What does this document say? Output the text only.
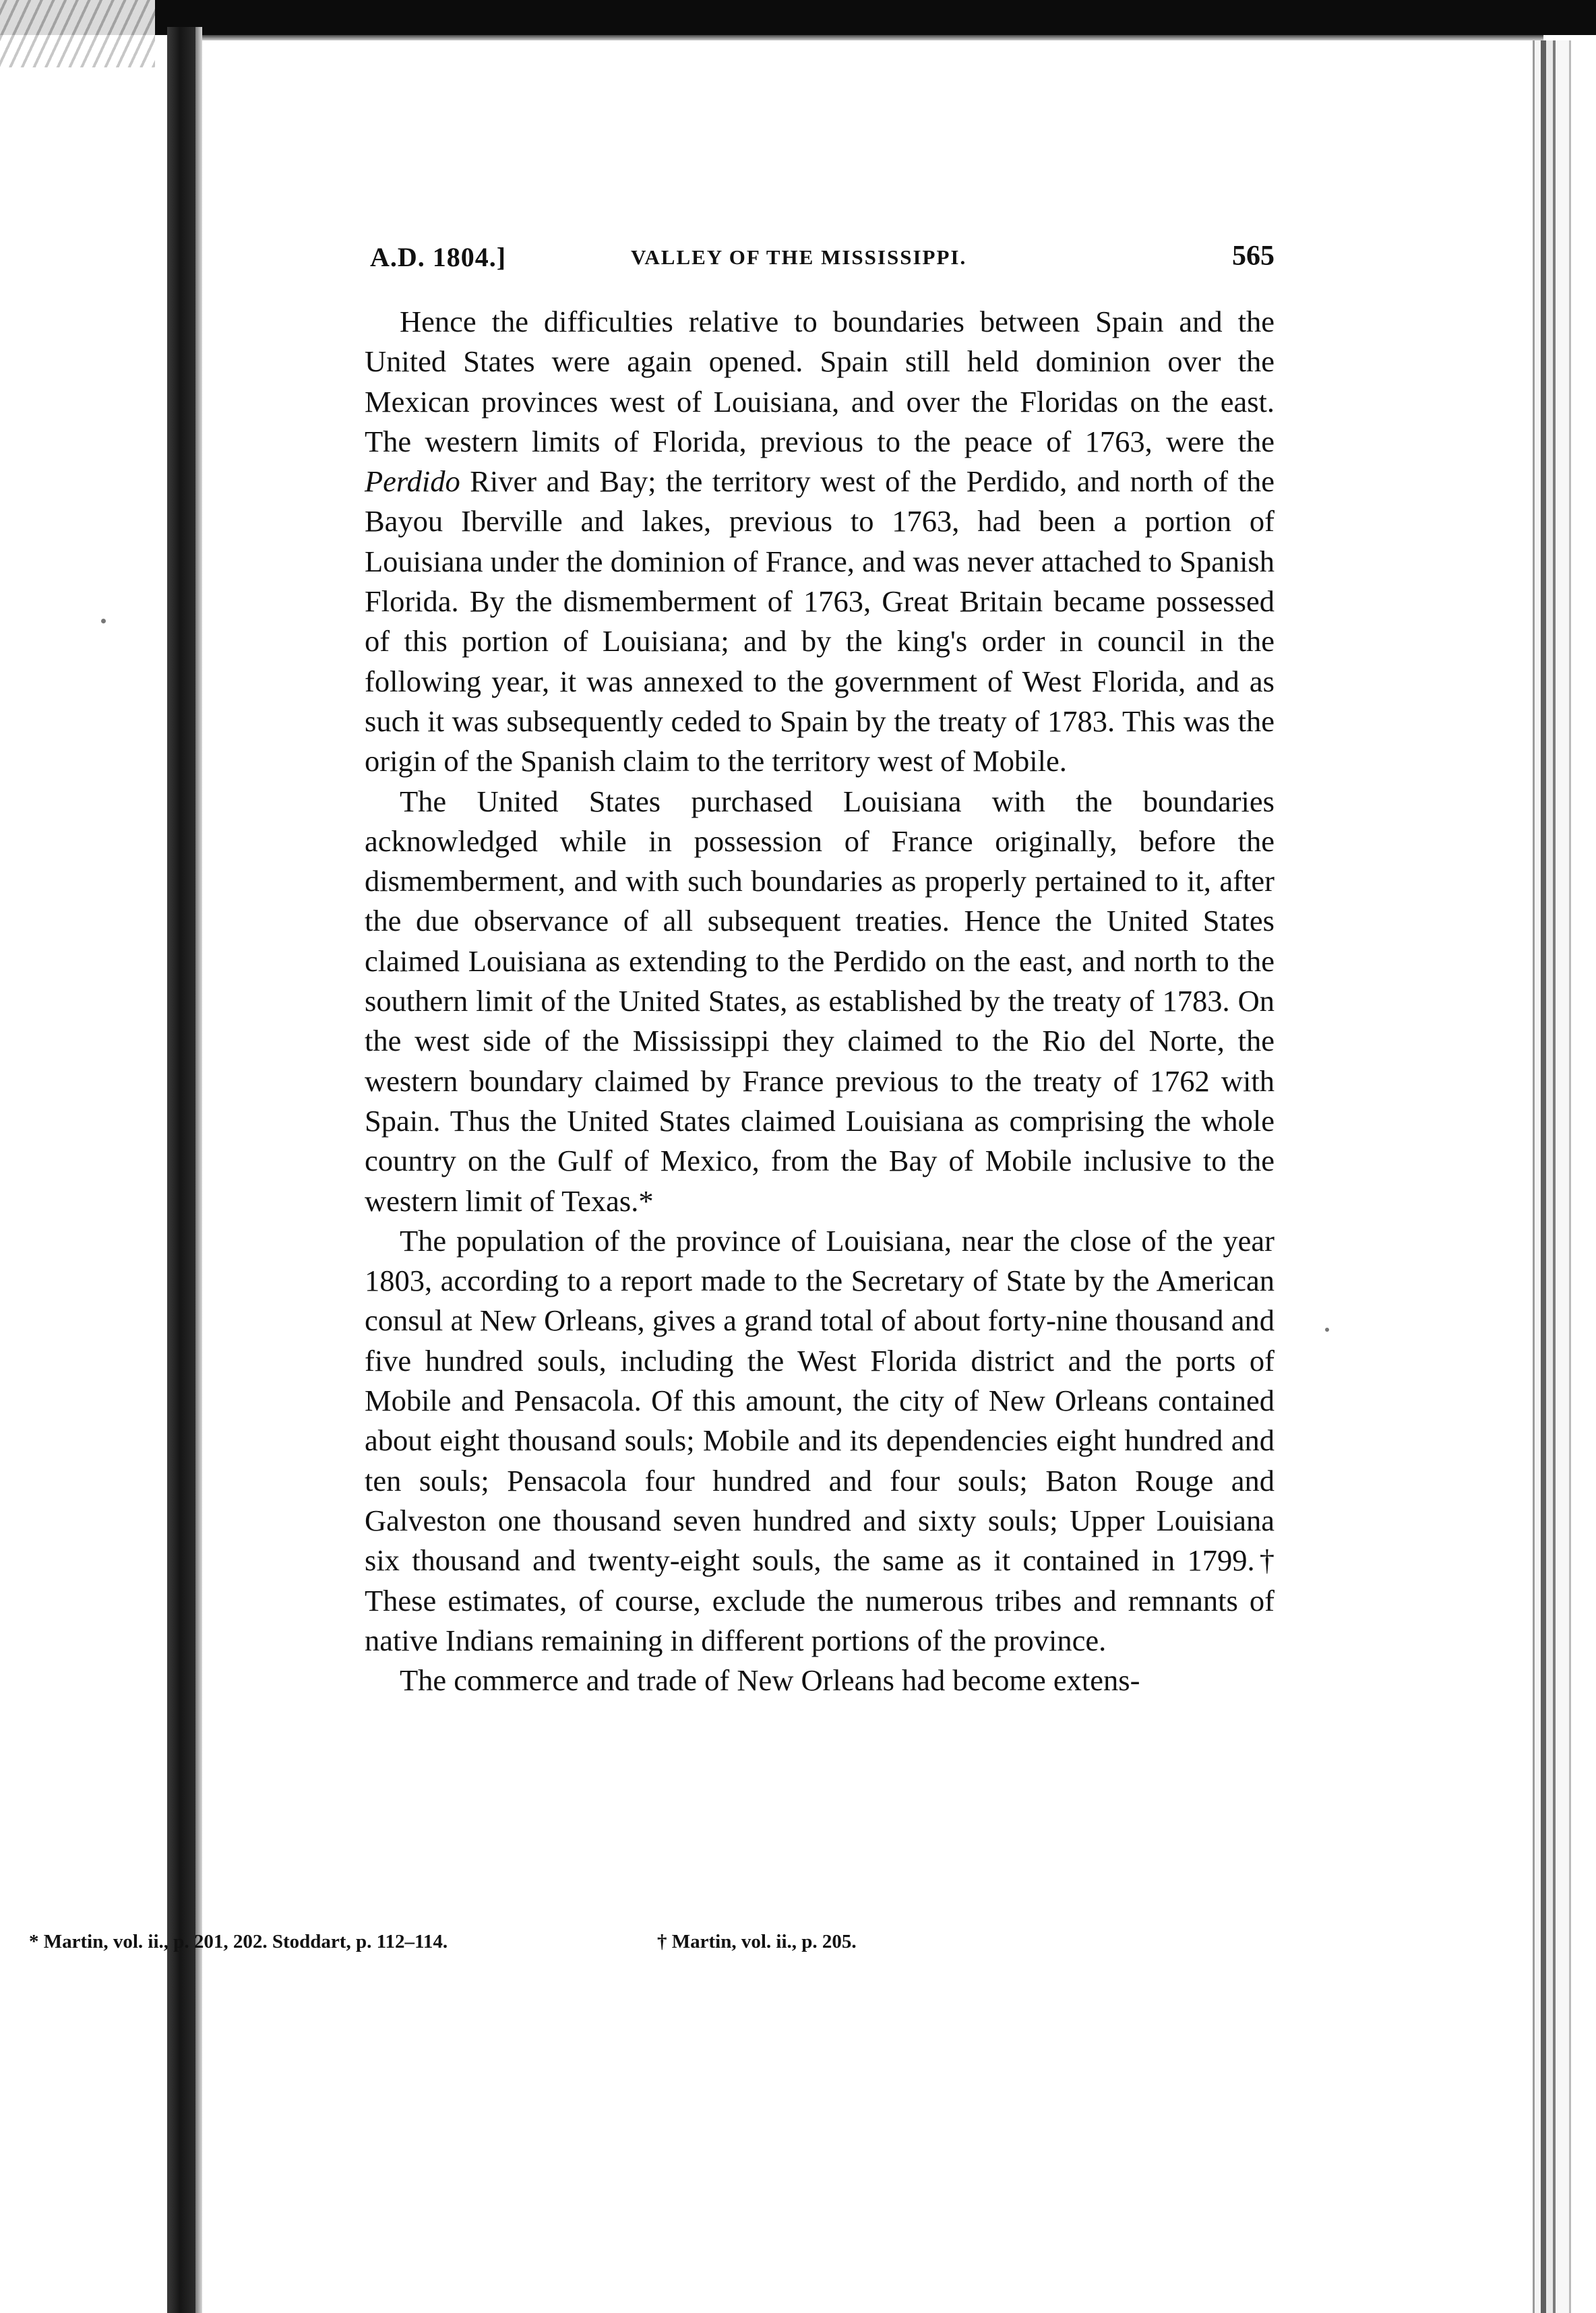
A.D. 1804.]	VALLEY OF THE MISSISSIPPI.	565

Hence the difficulties relative to boundaries between Spain and the United States were again opened. Spain still held dominion over the Mexican provinces west of Louisiana, and over the Floridas on the east. The western limits of Florida, previous to the peace of 1763, were the Perdido River and Bay; the territory west of the Perdido, and north of the Bayou Iberville and lakes, previous to 1763, had been a portion of Louisiana under the dominion of France, and was never attached to Spanish Florida. By the dismemberment of 1763, Great Britain became possessed of this portion of Louisiana; and by the king's order in council in the following year, it was annexed to the government of West Florida, and as such it was subsequently ceded to Spain by the treaty of 1783. This was the origin of the Spanish claim to the territory west of Mobile.

The United States purchased Louisiana with the boundaries acknowledged while in possession of France originally, before the dismemberment, and with such boundaries as properly pertained to it, after the due observance of all subsequent treaties. Hence the United States claimed Louisiana as extending to the Perdido on the east, and north to the southern limit of the United States, as established by the treaty of 1783. On the west side of the Mississippi they claimed to the Rio del Norte, the western boundary claimed by France previous to the treaty of 1762 with Spain. Thus the United States claimed Louisiana as comprising the whole country on the Gulf of Mexico, from the Bay of Mobile inclusive to the western limit of Texas.*

The population of the province of Louisiana, near the close of the year 1803, according to a report made to the Secretary of State by the American consul at New Orleans, gives a grand total of about forty-nine thousand and five hundred souls, including the West Florida district and the ports of Mobile and Pensacola. Of this amount, the city of New Orleans contained about eight thousand souls; Mobile and its dependencies eight hundred and ten souls; Pensacola four hundred and four souls; Baton Rouge and Galveston one thousand seven hundred and sixty souls; Upper Louisiana six thousand and twenty-eight souls, the same as it contained in 1799.† These estimates, of course, exclude the numerous tribes and remnants of native Indians remaining in different portions of the province.

The commerce and trade of New Orleans had become extens-

* Martin, vol. ii., p. 201, 202. Stoddart, p. 112–114.	† Martin, vol. ii., p. 205.
